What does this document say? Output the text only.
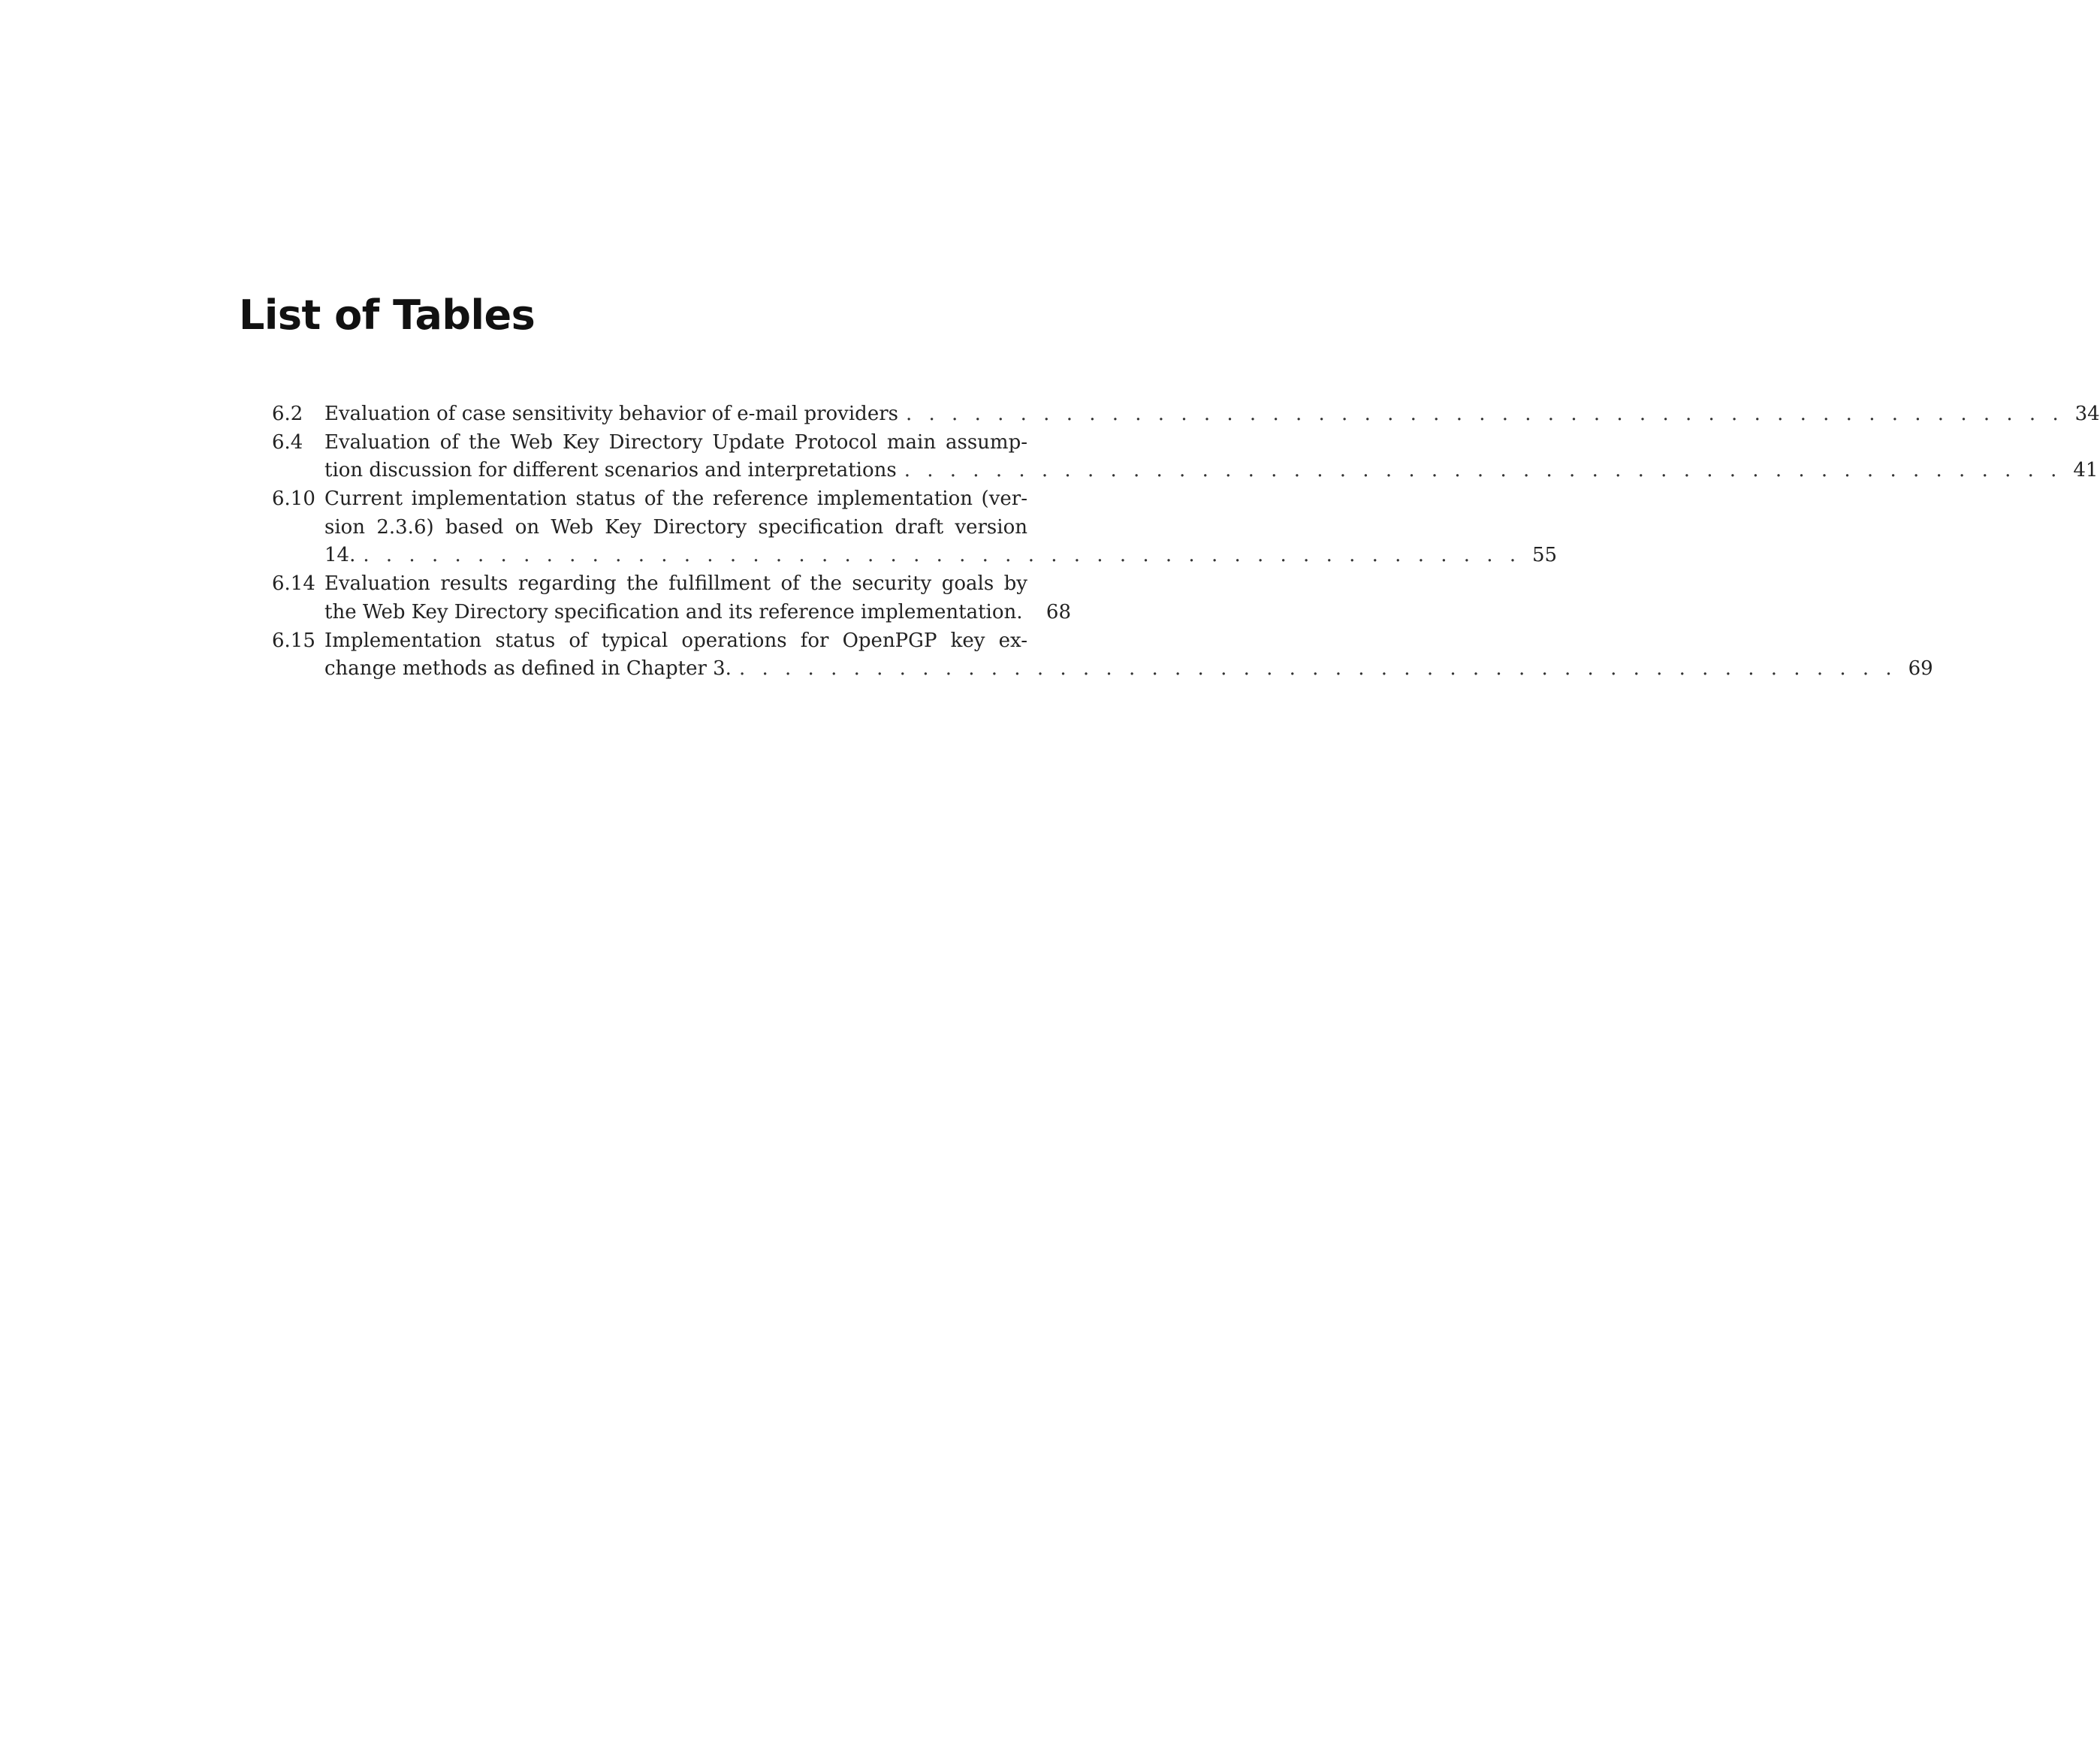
List of Tables
6.2	Evaluation of case sensitivity behavior of e-mail providers . . . . . . . . . . . . . . . . . . . . . . . . . . . . . . . . . . . . . . . . . . . . . . . . . . . 34
6.4	Evaluation of the Web Key Directory Update Protocol main assump-
tion discussion for different scenarios and interpretations . . . . . . . . . . . . . . . . . . . . . . . . . . . . . . . . . . . . . . . . . . . . . . . . . . . 41
6.10 Current implementation status of the reference implementation (ver-
sion 2.3.6) based on Web Key Directory specification draft version
14. . . . . . . . . . . . . . . . . . . . . . . . . . . . . . . . . . . . . . . . . . . . . . . . . . . . 55
6.14 Evaluation results regarding the fulfillment of the security goals by
the Web Key Directory specification and its reference implementation. 68
6.15 Implementation status of typical operations for OpenPGP key ex-
change methods as defined in Chapter 3. . . . . . . . . . . . . . . . . . . . . . . . . . . . . . . . . . . . . . . . . . . . . . . . . . . . 69
